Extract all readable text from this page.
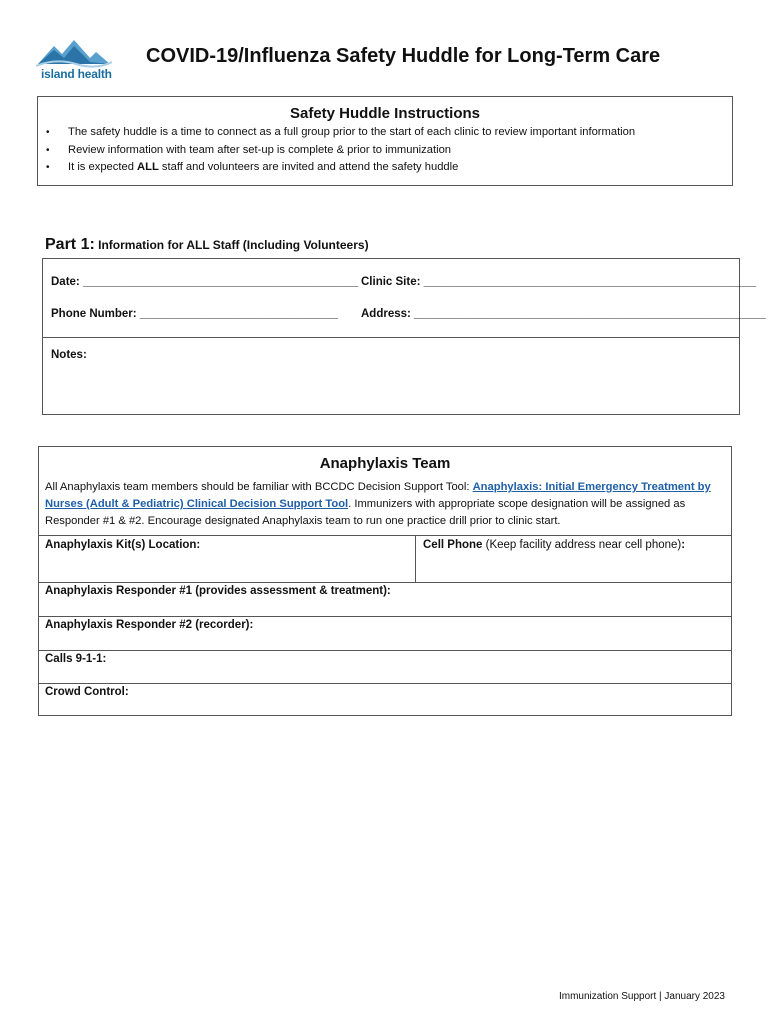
island health
COVID-19/Influenza Safety Huddle for Long-Term Care
Safety Huddle Instructions
• The safety huddle is a time to connect as a full group prior to the start of each clinic to review important information
• Review information with team after set-up is complete & prior to immunization
• It is expected ALL staff and volunteers are invited and attend the safety huddle
Part 1: Information for ALL Staff (Including Volunteers)
Date: ___________________________________________ Clinic Site: ____________________________________________________
Phone Number: _______________________________ Address: _______________________________________________________
Notes:
Anaphylaxis Team
All Anaphylaxis team members should be familiar with BCCDC Decision Support Tool: Anaphylaxis: Initial Emergency Treatment by Nurses (Adult & Pediatric) Clinical Decision Support Tool. Immunizers with appropriate scope designation will be assigned as Responder #1 & #2. Encourage designated Anaphylaxis team to run one practice drill prior to clinic start.
Anaphylaxis Kit(s) Location:	Cell Phone (Keep facility address near cell phone):
Anaphylaxis Responder #1 (provides assessment & treatment):
Anaphylaxis Responder #2 (recorder):
Calls 9-1-1:
Crowd Control:
Immunization Support | January 2023
